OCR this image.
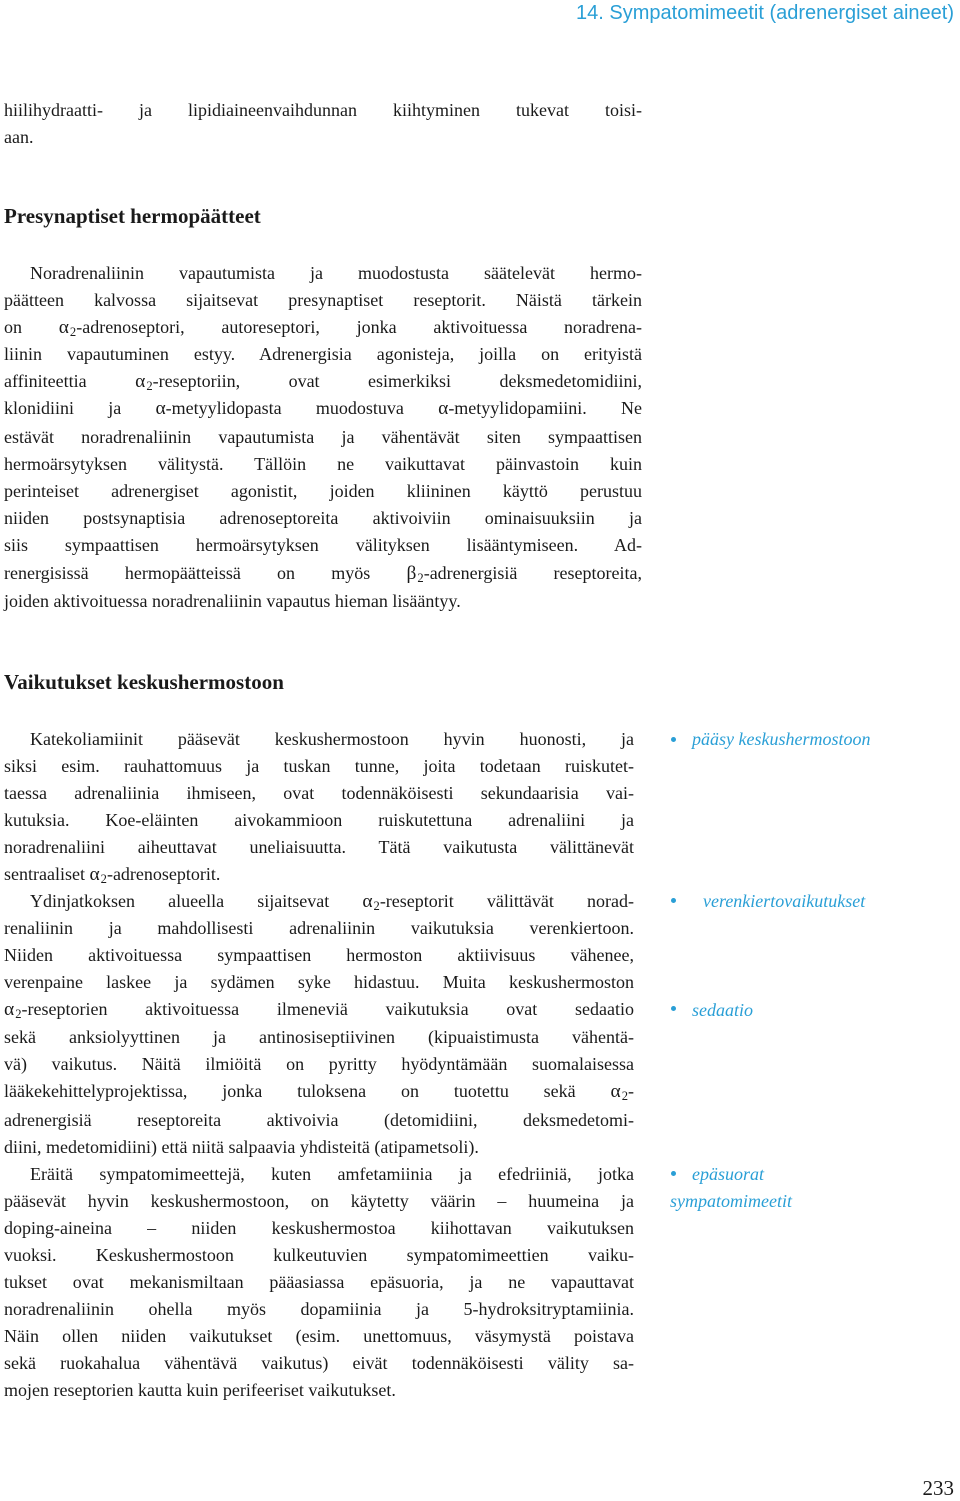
14. Sympatomimeetit (adrenergiset aineet)
hiilihydraatti- ja lipidiaineenvaihdunnan kiihtyminen tukevat toisi-
aan.
Presynaptiset hermopäätteet
Noradrenaliinin vapautumista ja muodostusta säätelevät hermo-
päätteen kalvossa sijaitsevat presynaptiset reseptorit. Näistä tärkein
on $\alpha_2$-adrenoseptori, autoreseptori, jonka aktivoituessa noradrena-
liinin vapautuminen estyy. Adrenergisia agonisteja, joilla on erityistä
affiniteettia $\alpha_2$-reseptoriin, ovat esimerkiksi deksmedetomidiini,
klonidiini ja α-metyylidopasta muodostuva α-metyylidopamiini. Ne
estävät noradrenaliinin vapautumista ja vähentävät siten sympaattisen
hermoärsytyksen välitystä. Tällöin ne vaikuttavat päinvastoin kuin
perinteiset adrenergiset agonistit, joiden kliininen käyttö perustuu
niiden postsynaptisia adrenoseptoreita aktivoiviin ominaisuuksiin ja
siis sympaattisen hermoärsytyksen välityksen lisääntymiseen. Ad-
renergisissä hermopäätteissä on myös $\beta_2$-adrenergisiä reseptoreita,
joiden aktivoituessa noradrenaliinin vapautus hieman lisääntyy.
Vaikutukset keskushermostoon
Katekoliamiinit pääsevät keskushermostoon hyvin huonosti, ja
siksi esim. rauhattomuus ja tuskan tunne, joita todetaan ruiskutet-
taessa adrenaliinia ihmiseen, ovat todennäköisesti sekundaarisia vai-
kutuksia. Koe-eläinten aivokammioon ruiskutettuna adrenaliini ja
noradrenaliini aiheuttavat uneliaisuutta. Tätä vaikutusta välittänevät
sentraaliset $\alpha_2$-adrenoseptorit.
Ydinjatkoksen alueella sijaitsevat $\alpha_2$-reseptorit välittävät norad-
renaliinin ja mahdollisesti adrenaliinin vaikutuksia verenkiertoon.
Niiden aktivoituessa sympaattisen hermoston aktiivisuus vähenee,
verenpaine laskee ja sydämen syke hidastuu. Muita keskushermoston
$\alpha_2$-reseptorien aktivoituessa ilmeneviä vaikutuksia ovat sedaatio
sekä anksiolyyttinen ja antinosiseptiivinen (kipuaistimusta vähentä-
vä) vaikutus. Näitä ilmiöitä on pyritty hyödyntämään suomalaisessa
lääkekehittelyprojektissa, jonka tuloksena on tuotettu sekä $\alpha_2-$
adrenergisiä reseptoreita aktivoivia (detomidiini, deksmedetomi-
diini, medetomidiini) että niitä salpaavia yhdisteitä (atipametsoli).
Eräitä sympatomimeettejä, kuten amfetamiinia ja efedriiniä, jotka
pääsevät hyvin keskushermostoon, on käytetty väärin – huumeina ja
doping-aineina – niiden keskushermostoa kiihottavan vaikutuksen
vuoksi. Keskushermostoon kulkeutuvien sympatomimeettien vaiku-
tukset ovat mekanismiltaan pääasiassa epäsuoria, ja ne vapauttavat
noradrenaliinin ohella myös dopamiinia ja 5-hydroksitryptamiinia.
Näin ollen niiden vaikutukset (esim. unettomuus, väsymystä poistava
sekä ruokahalua vähentävä vaikutus) eivät todennäköisesti välity sa-
mojen reseptorien kautta kuin perifeeriset vaikutukset.
pääsy keskushermostoon
verenkiertovaikutukset
sedaatio
epäsuorat
sympatomimeetit
233
